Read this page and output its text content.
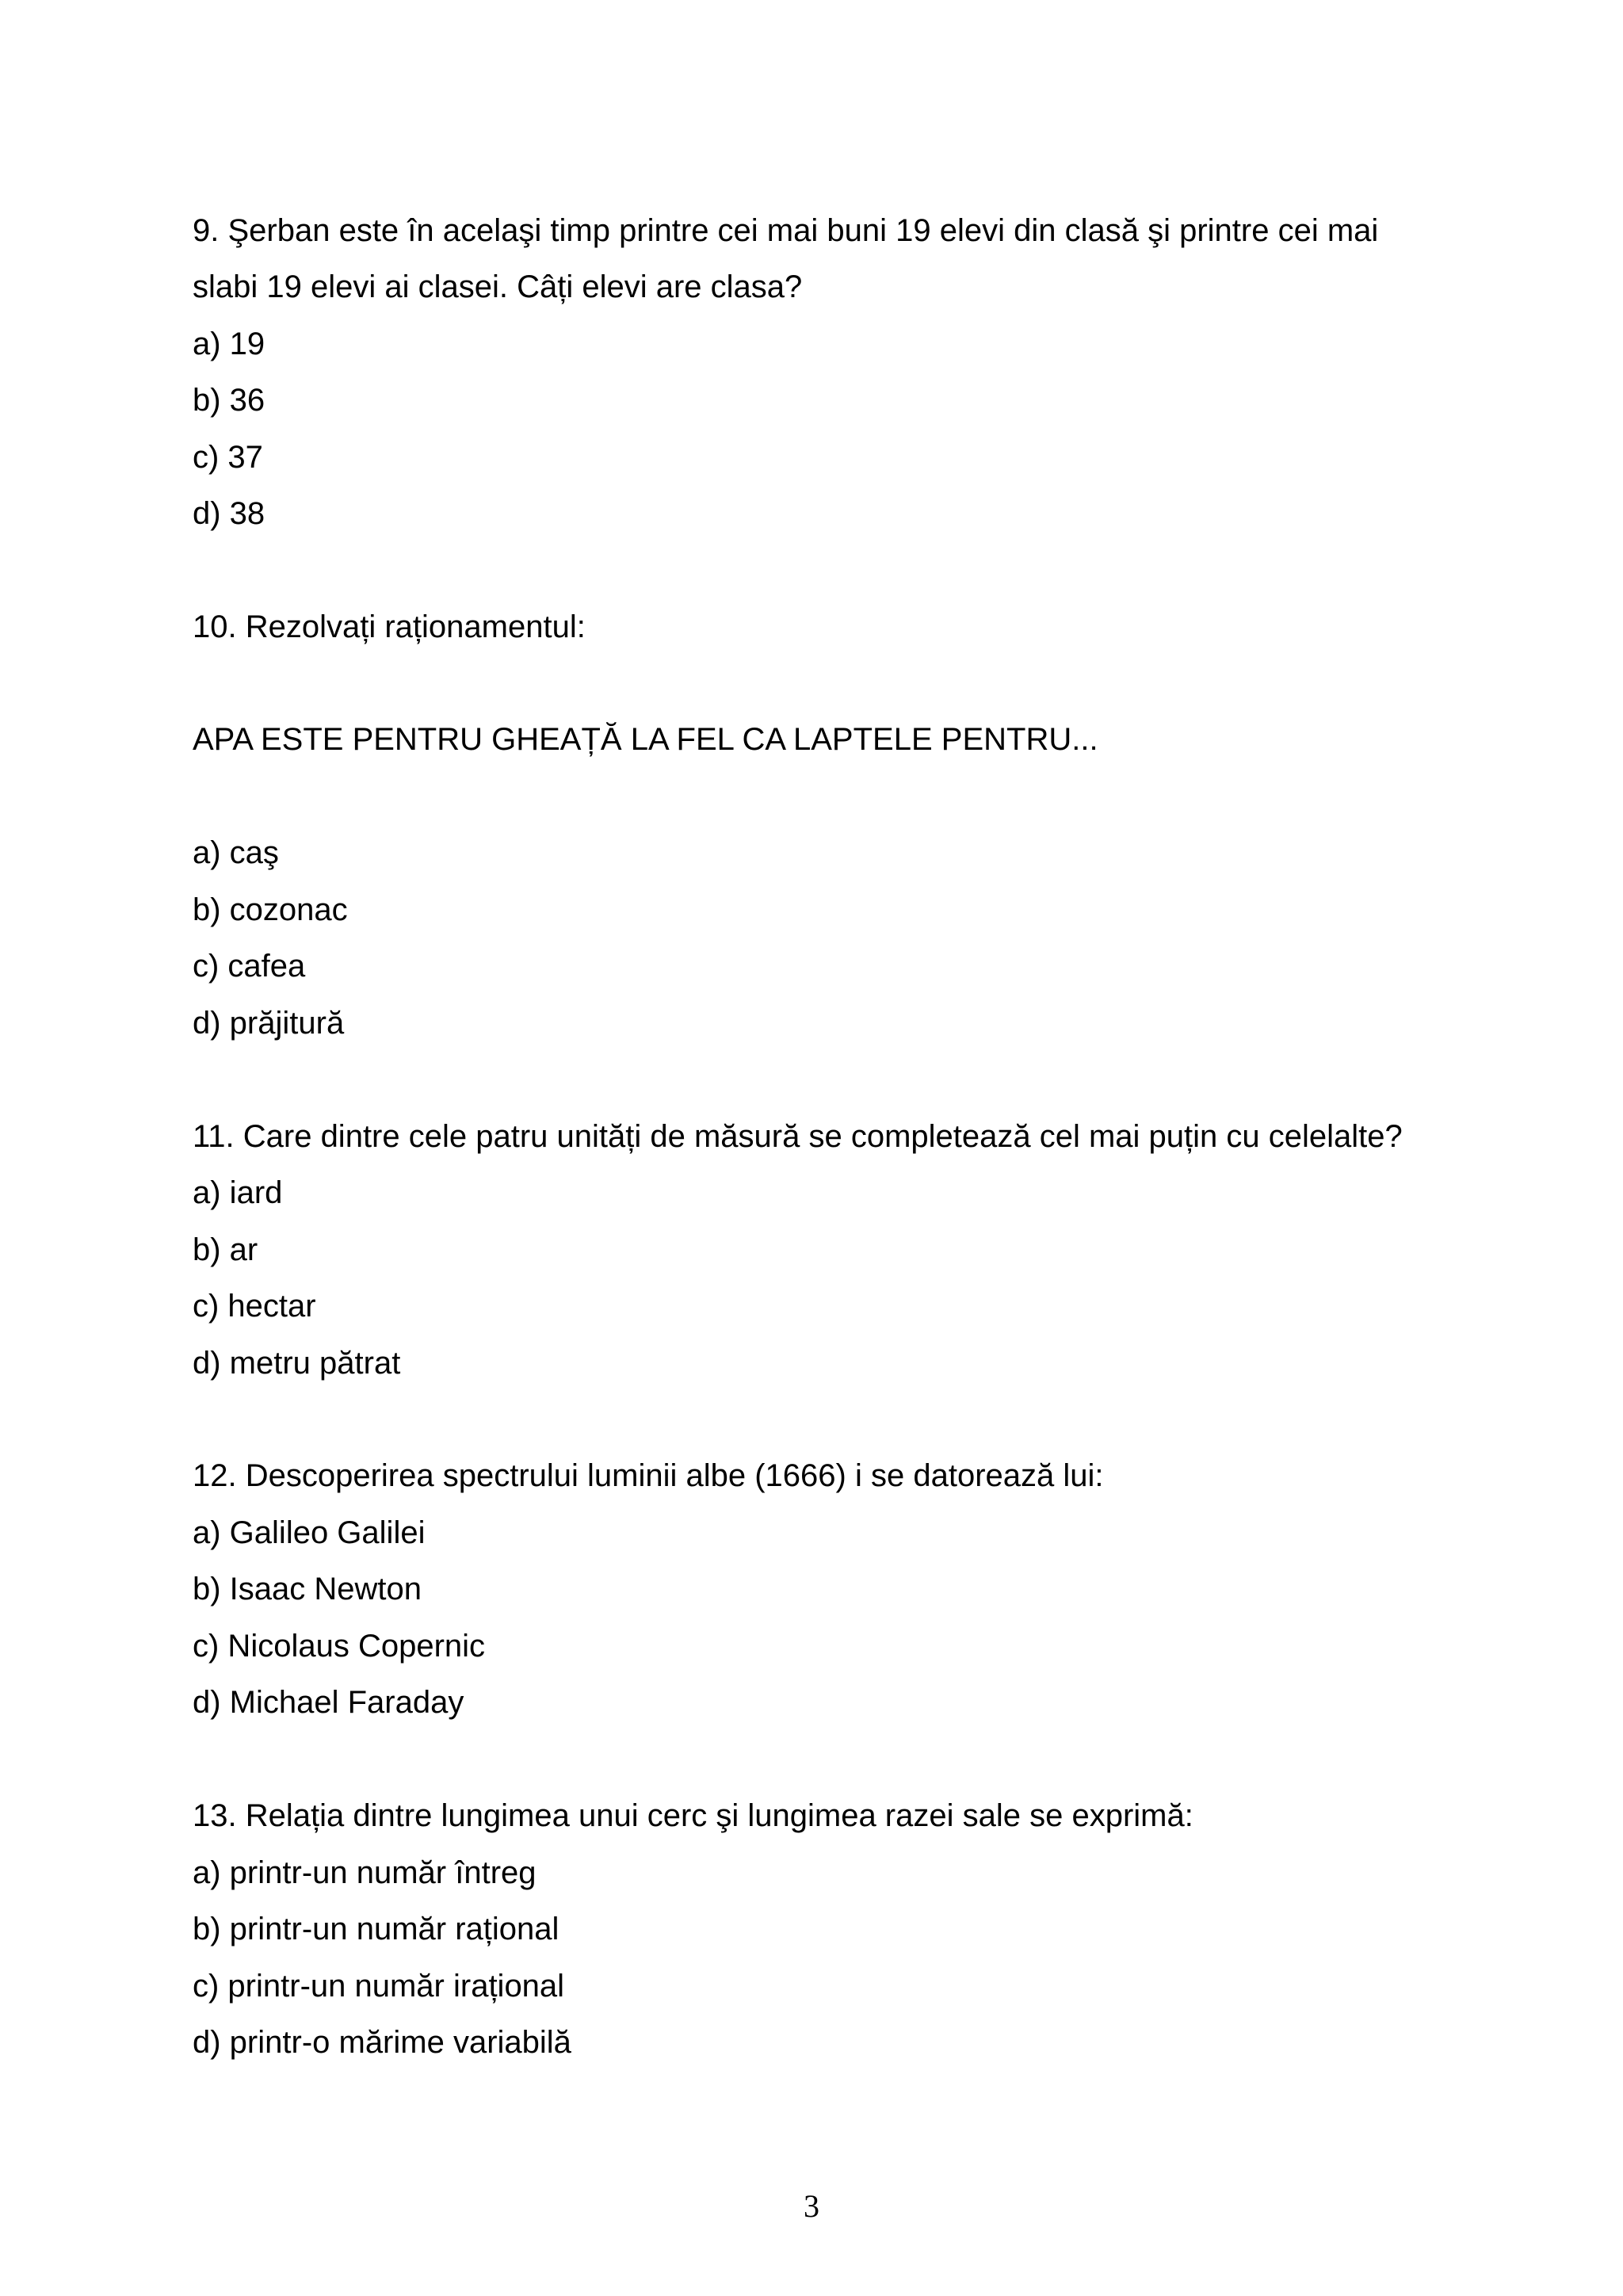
9. Şerban este în acelaşi timp printre cei mai buni 19 elevi din clasă şi printre cei mai
slabi 19 elevi ai clasei. Câți elevi are clasa?
a) 19
b) 36
c) 37
d) 38
10. Rezolvați raționamentul:
APA ESTE PENTRU GHEAȚĂ LA FEL CA LAPTELE PENTRU...
a) caş
b) cozonac
c) cafea
d) prăjitură
11. Care dintre cele patru unități de măsură se completează cel mai puțin cu celelalte?
a) iard
b) ar
c) hectar
d) metru pătrat
12. Descoperirea spectrului luminii albe (1666) i se datorează lui:
a) Galileo Galilei
b) Isaac Newton
c) Nicolaus Copernic
d) Michael Faraday
13. Relația dintre lungimea unui cerc şi lungimea razei sale se exprimă:
a) printr-un număr întreg
b) printr-un număr rațional
c) printr-un număr irațional
d) printr-o mărime variabilă
3
